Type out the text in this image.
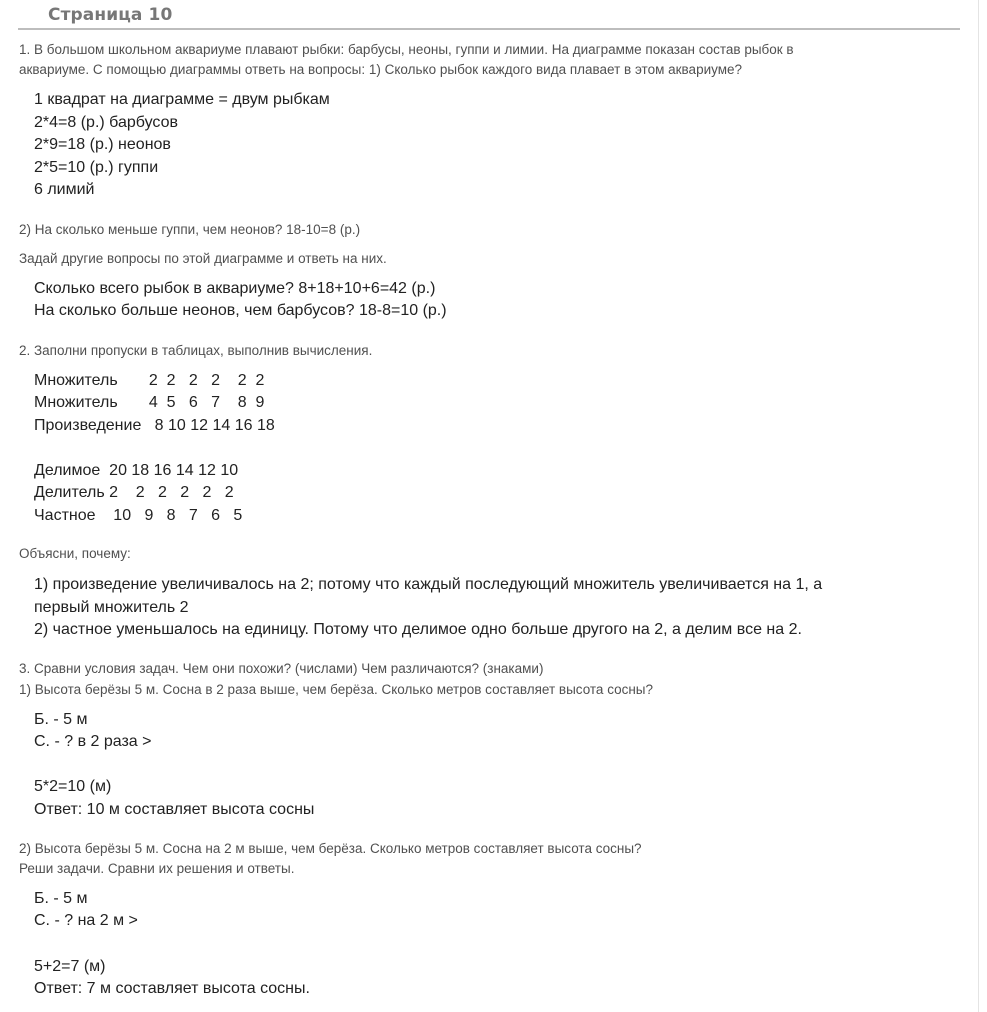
Страница 10
1. В большом школьном аквариуме плавают рыбки: барбусы, неоны, гуппи и лимии. На диаграмме показан состав рыбок в
аквариуме. С помощью диаграммы ответь на вопросы: 1) Сколько рыбок каждого вида плавает в этом аквариуме?
1 квадрат на диаграмме = двум рыбкам
2*4=8 (р.) барбусов
2*9=18 (р.) неонов
2*5=10 (р.) гуппи
6 лимий
2) На сколько меньше гуппи, чем неонов? 18-10=8 (р.)
Задай другие вопросы по этой диаграмме и ответь на них.
Сколько всего рыбок в аквариуме? 8+18+10+6=42 (р.)
На сколько больше неонов, чем барбусов? 18-8=10 (р.)
2. Заполни пропуски в таблицах, выполнив вычисления.
Множитель       2  2   2   2    2  2
Множитель       4  5   6   7    8  9
Произведение   8 10 12 14 16 18
Делимое  20 18 16 14 12 10
Делитель 2    2   2   2   2   2
Частное    10   9   8   7   6   5
Объясни, почему:
1) произведение увеличивалось на 2; потому что каждый последующий множитель увеличивается на 1, а
первый множитель 2
2) частное уменьшалось на единицу. Потому что делимое одно больше другого на 2, а делим все на 2.
3. Сравни условия задач. Чем они похожи? (числами) Чем различаются? (знаками)
1) Высота берёзы 5 м. Сосна в 2 раза выше, чем берёза. Сколько метров составляет высота сосны?
Б. - 5 м
С. - ? в 2 раза >
5*2=10 (м)
Ответ: 10 м составляет высота сосны
2) Высота берёзы 5 м. Сосна на 2 м выше, чем берёза. Сколько метров составляет высота сосны?
Реши задачи. Сравни их решения и ответы.
Б. - 5 м
С. - ? на 2 м >
5+2=7 (м)
Ответ: 7 м составляет высота сосны.
